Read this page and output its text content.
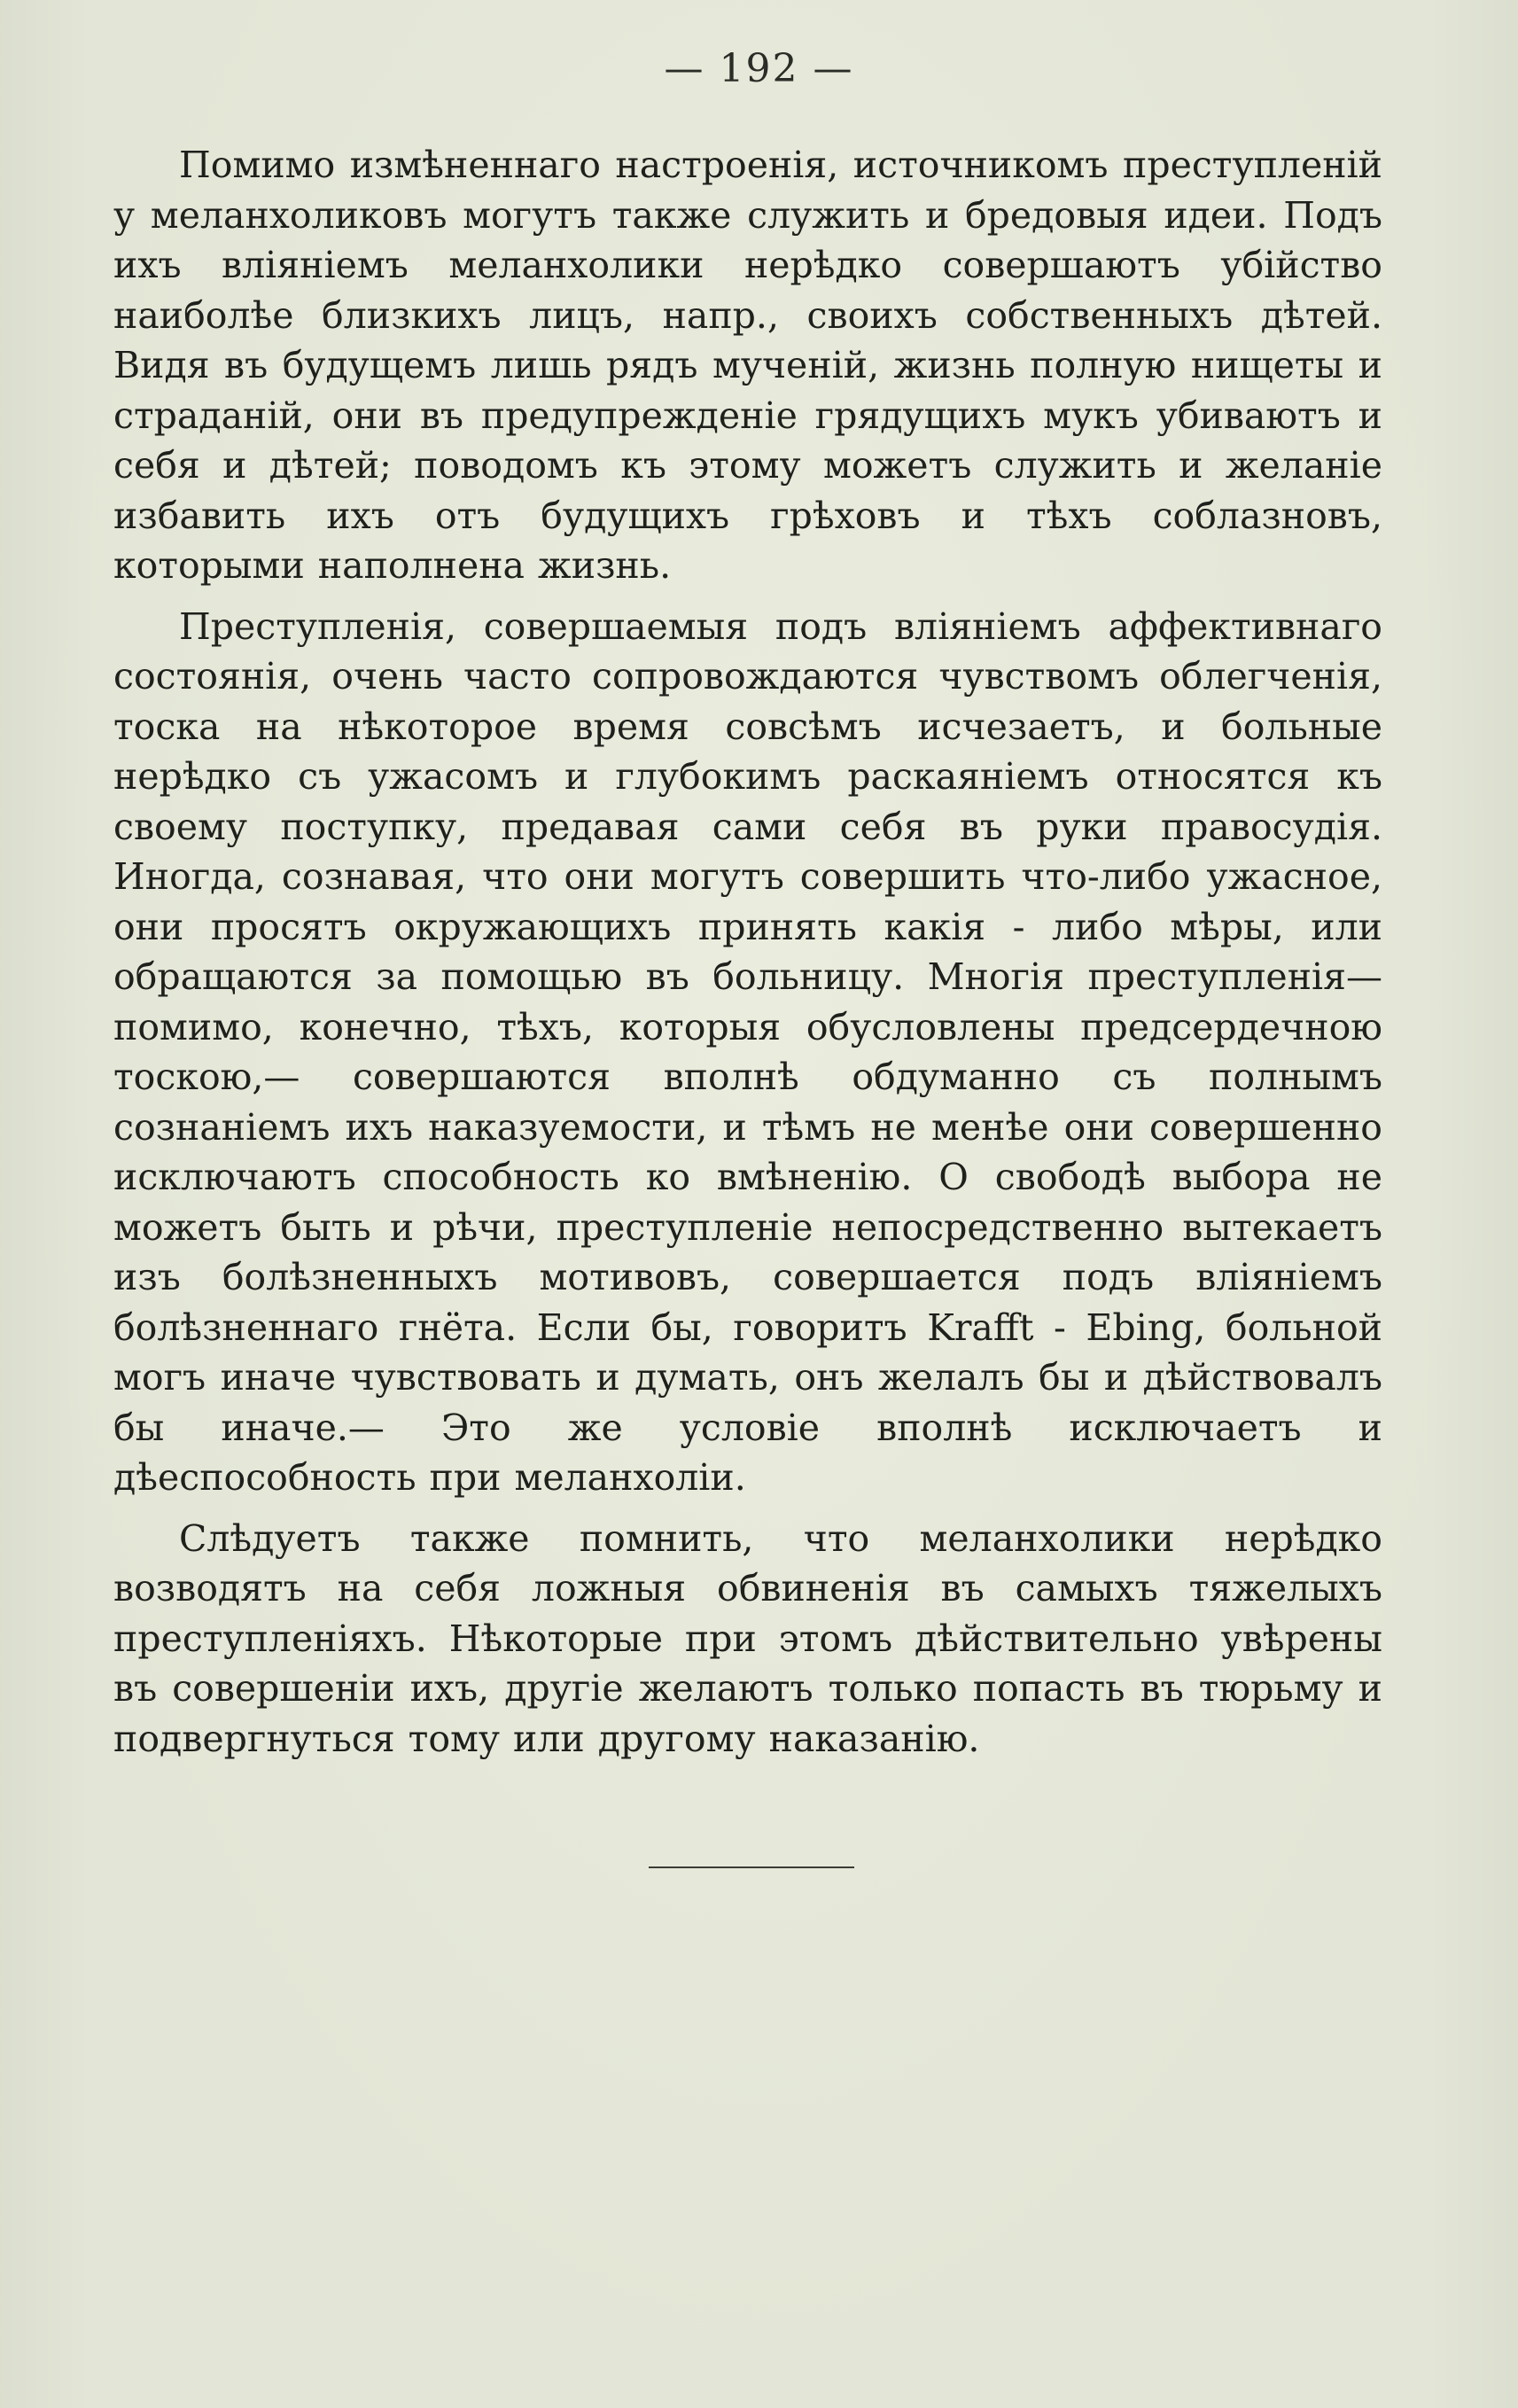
— 192 —

Помимо измѣненнаго настроенія, источникомъ преступленій у меланхоликовъ могутъ также служить и бредовыя идеи. Подъ ихъ вліяніемъ меланхолики нерѣдко совершаютъ убійство наиболѣе близкихъ лицъ, напр., своихъ собственныхъ дѣтей. Видя въ будущемъ лишь рядъ мученій, жизнь полную нищеты и страданій, они въ предупрежденіе грядущихъ мукъ убиваютъ и себя и дѣтей; поводомъ къ этому можетъ служить и желаніе избавить ихъ отъ будущихъ грѣховъ и тѣхъ соблазновъ, которыми наполнена жизнь.

Преступленія, совершаемыя подъ вліяніемъ аффективнаго состоянія, очень часто сопровождаются чувствомъ облегченія, тоска на нѣкоторое время совсѣмъ исчезаетъ, и больные нерѣдко съ ужасомъ и глубокимъ раскаяніемъ относятся къ своему поступку, предавая сами себя въ руки правосудія. Иногда, сознавая, что они могутъ совершить что-либо ужасное, они просятъ окружающихъ принять какія - либо мѣры, или обращаются за помощью въ больницу. Многія преступленія—помимо, конечно, тѣхъ, которыя обусловлены предсердечною тоскою,— совершаются вполнѣ обдуманно съ полнымъ сознаніемъ ихъ наказуемости, и тѣмъ не менѣе они совершенно исключаютъ способность ко вмѣненію. О свободѣ выбора не можетъ быть и рѣчи, преступленіе непосредственно вытекаетъ изъ болѣзненныхъ мотивовъ, совершается подъ вліяніемъ болѣзненнаго гнёта. Если бы, говоритъ Krafft - Ebing, больной могъ иначе чувствовать и думать, онъ желалъ бы и дѣйствовалъ бы иначе.— Это же условіе вполнѣ исключаетъ и дѣеспособность при меланхоліи.

Слѣдуетъ также помнить, что меланхолики нерѣдко возводятъ на себя ложныя обвиненія въ самыхъ тяжелыхъ преступленіяхъ. Нѣкоторые при этомъ дѣйствительно увѣрены въ совершеніи ихъ, другіе желаютъ только попасть въ тюрьму и подвергнуться тому или другому наказанію.
